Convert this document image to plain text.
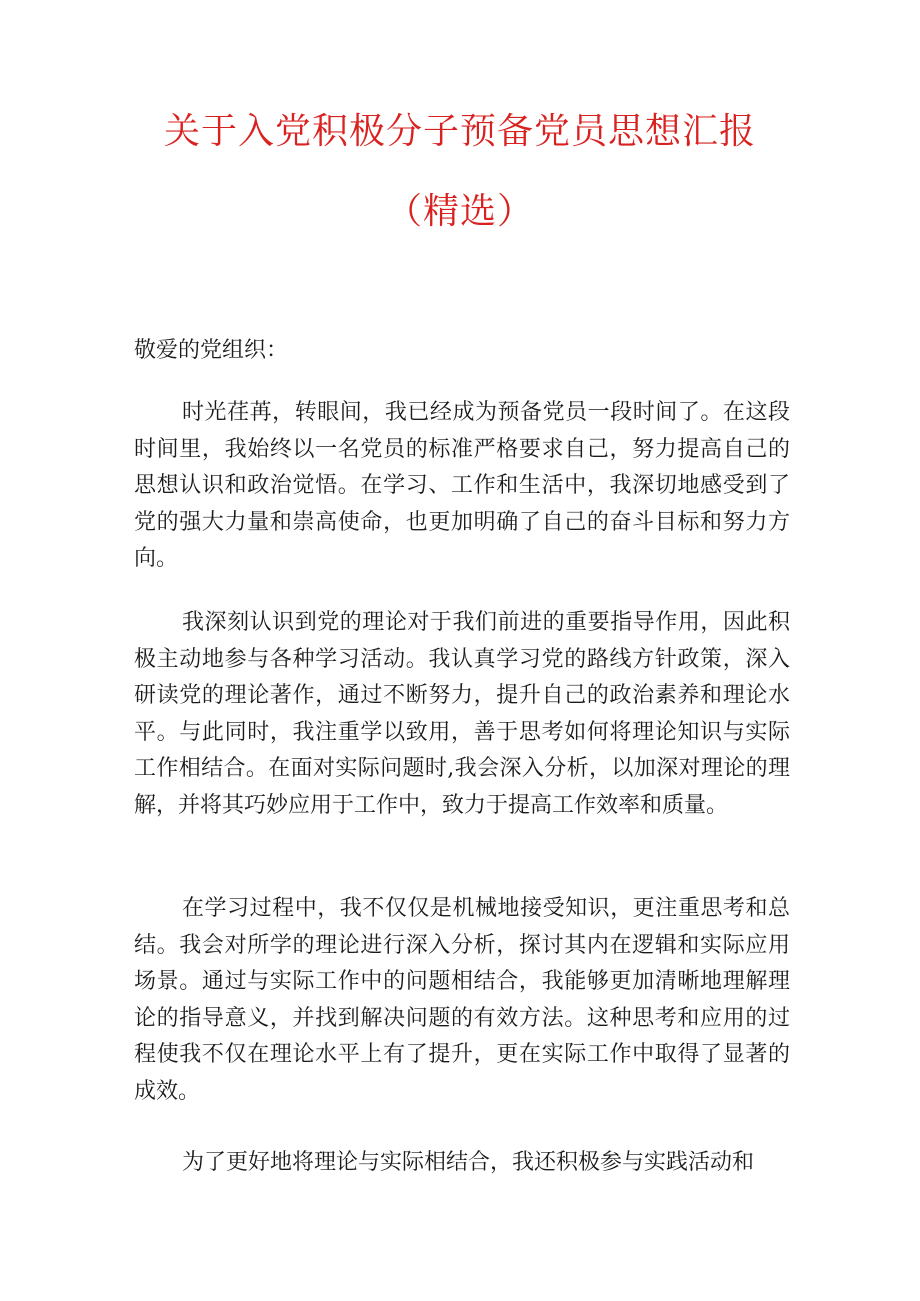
关于入党积极分子预备党员思想汇报
（精选）

敬爱的党组织：

时光荏苒，转眼间，我已经成为预备党员一段时间了。在这段时间里，我始终以一名党员的标准严格要求自己，努力提高自己的思想认识和政治觉悟。在学习、工作和生活中，我深切地感受到了党的强大力量和崇高使命，也更加明确了自己的奋斗目标和努力方向。

我深刻认识到党的理论对于我们前进的重要指导作用，因此积极主动地参与各种学习活动。我认真学习党的路线方针政策，深入研读党的理论著作，通过不断努力，提升自己的政治素养和理论水平。与此同时，我注重学以致用，善于思考如何将理论知识与实际工作相结合。在面对实际问题时,我会深入分析，以加深对理论的理解，并将其巧妙应用于工作中，致力于提高工作效率和质量。

在学习过程中，我不仅仅是机械地接受知识，更注重思考和总结。我会对所学的理论进行深入分析，探讨其内在逻辑和实际应用场景。通过与实际工作中的问题相结合，我能够更加清晰地理解理论的指导意义，并找到解决问题的有效方法。这种思考和应用的过程使我不仅在理论水平上有了提升，更在实际工作中取得了显著的成效。

为了更好地将理论与实际相结合，我还积极参与实践活动和
